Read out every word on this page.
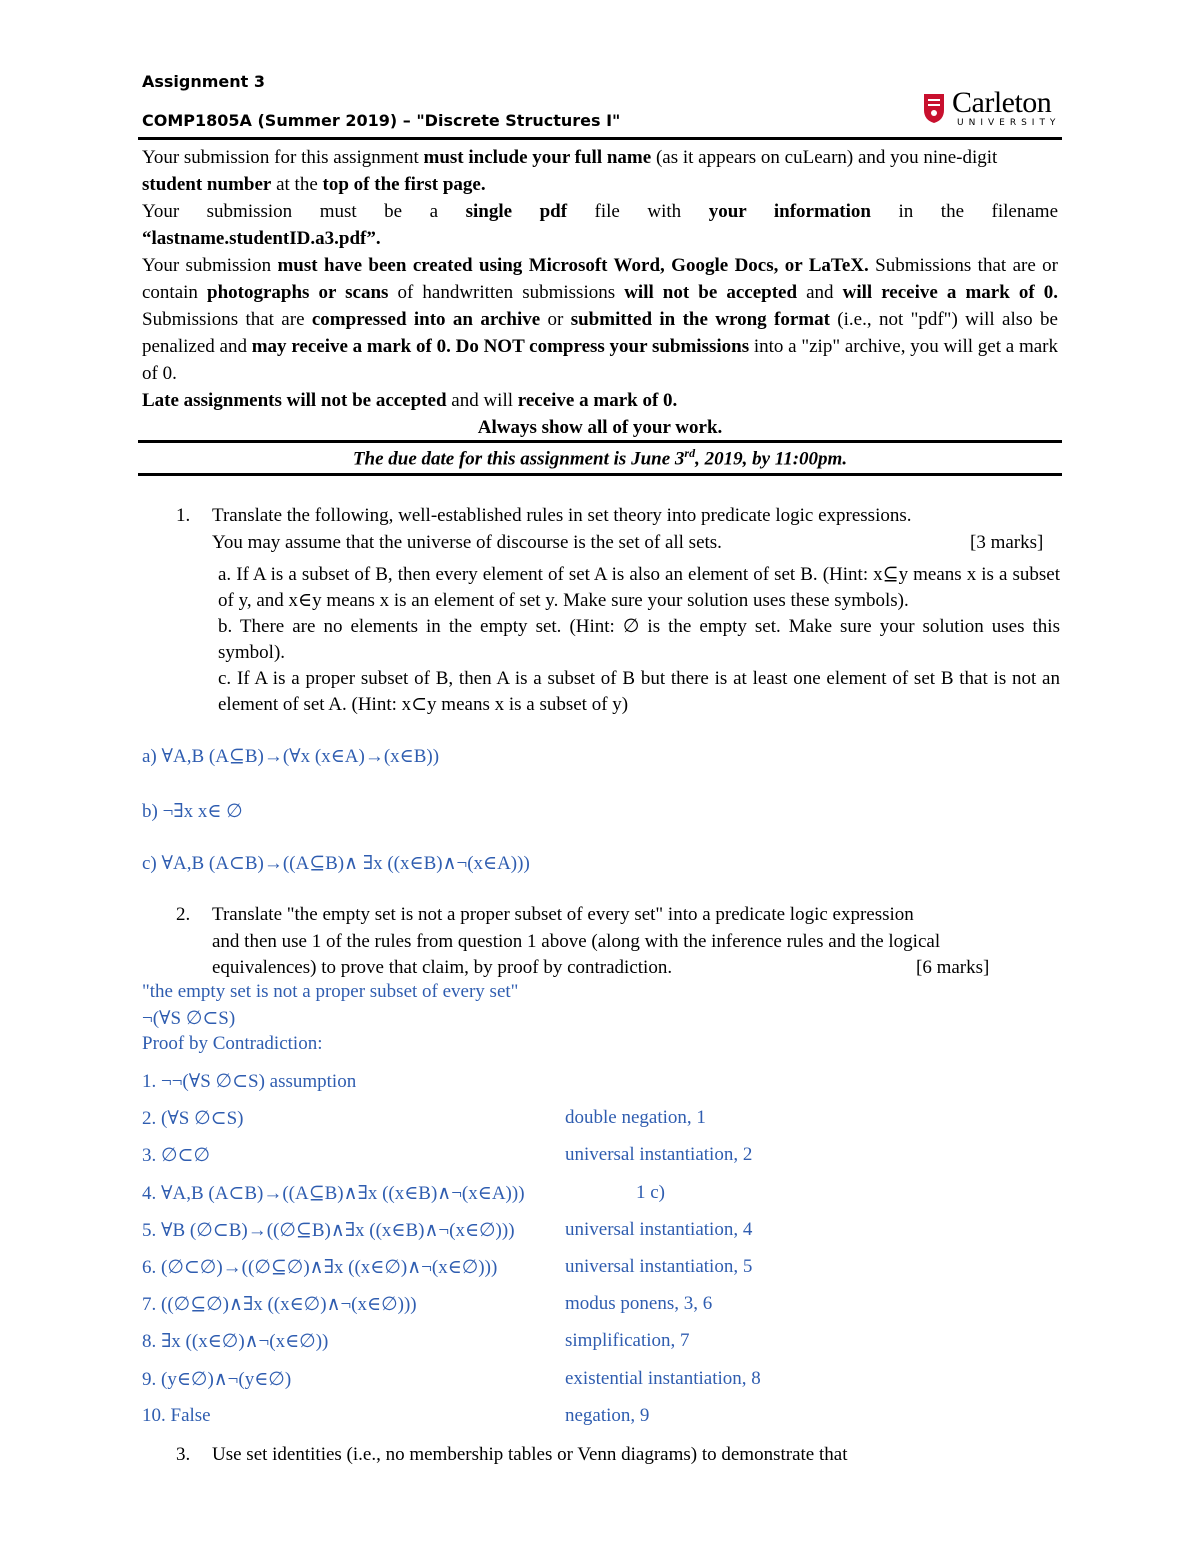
Assignment 3
COMP1805A (Summer 2019) – "Discrete Structures I"
Carleton
UNIVERSITY

Your submission for this assignment must include your full name (as it appears on cuLearn) and you nine-digit student number at the top of the first page.

Your submission must be a single pdf file with your information in the filename

“lastname.studentID.a3.pdf”.

Your submission must have been created using Microsoft Word, Google Docs, or LaTeX. Submissions that are or contain photographs or scans of handwritten submissions will not be accepted and will receive a mark of 0. Submissions that are compressed into an archive or submitted in the wrong format (i.e., not "pdf") will also be penalized and may receive a mark of 0. Do NOT compress your submissions into a "zip" archive, you will get a mark of 0.

Late assignments will not be accepted and will receive a mark of 0.

Always show all of your work.

The due date for this assignment is June 3rd, 2019, by 11:00pm.
1. Translate the following, well-established rules in set theory into predicate logic expressions.
You may assume that the universe of discourse is the set of all sets.	[3 marks]

a. If A is a subset of B, then every element of set A is also an element of set B. (Hint: x⊆y means x is a subset of y, and x∈y means x is an element of set y. Make sure your solution uses these symbols).

b. There are no elements in the empty set. (Hint: ∅ is the empty set. Make sure your solution uses this symbol).

c. If A is a proper subset of B, then A is a subset of B but there is at least one element of set B that is not an element of set A. (Hint: x⊂y means x is a subset of y)

a) ∀A,B (A⊆B)→(∀x (x∈A)→(x∈B))
b) ¬∃x x∈ ∅
c) ∀A,B (A⊂B)→((A⊆B)∧ ∃x ((x∈B)∧¬(x∈A)))
2. Translate "the empty set is not a proper subset of every set" into a predicate logic expression
and then use 1 of the rules from question 1 above (along with the inference rules and the logical
equivalences) to prove that claim, by proof by contradiction.	[6 marks]
"the empty set is not a proper subset of every set"
¬(∀S ∅⊂S)
Proof by Contradiction:
1. ¬¬(∀S ∅⊂S) assumption
2. (∀S ∅⊂S)	double negation, 1
3. ∅⊂∅	universal instantiation, 2
4. ∀A,B (A⊂B)→((A⊆B)∧∃x ((x∈B)∧¬(x∈A)))	1 c)
5. ∀B (∅⊂B)→((∅⊆B)∧∃x ((x∈B)∧¬(x∈∅)))	universal instantiation, 4
6. (∅⊂∅)→((∅⊆∅)∧∃x ((x∈∅)∧¬(x∈∅)))	universal instantiation, 5
7. ((∅⊆∅)∧∃x ((x∈∅)∧¬(x∈∅)))	modus ponens, 3, 6
8. ∃x ((x∈∅)∧¬(x∈∅))	simplification, 7
9. (y∈∅)∧¬(y∈∅)	existential instantiation, 8
10. False	negation, 9
3. Use set identities (i.e., no membership tables or Venn diagrams) to demonstrate that
